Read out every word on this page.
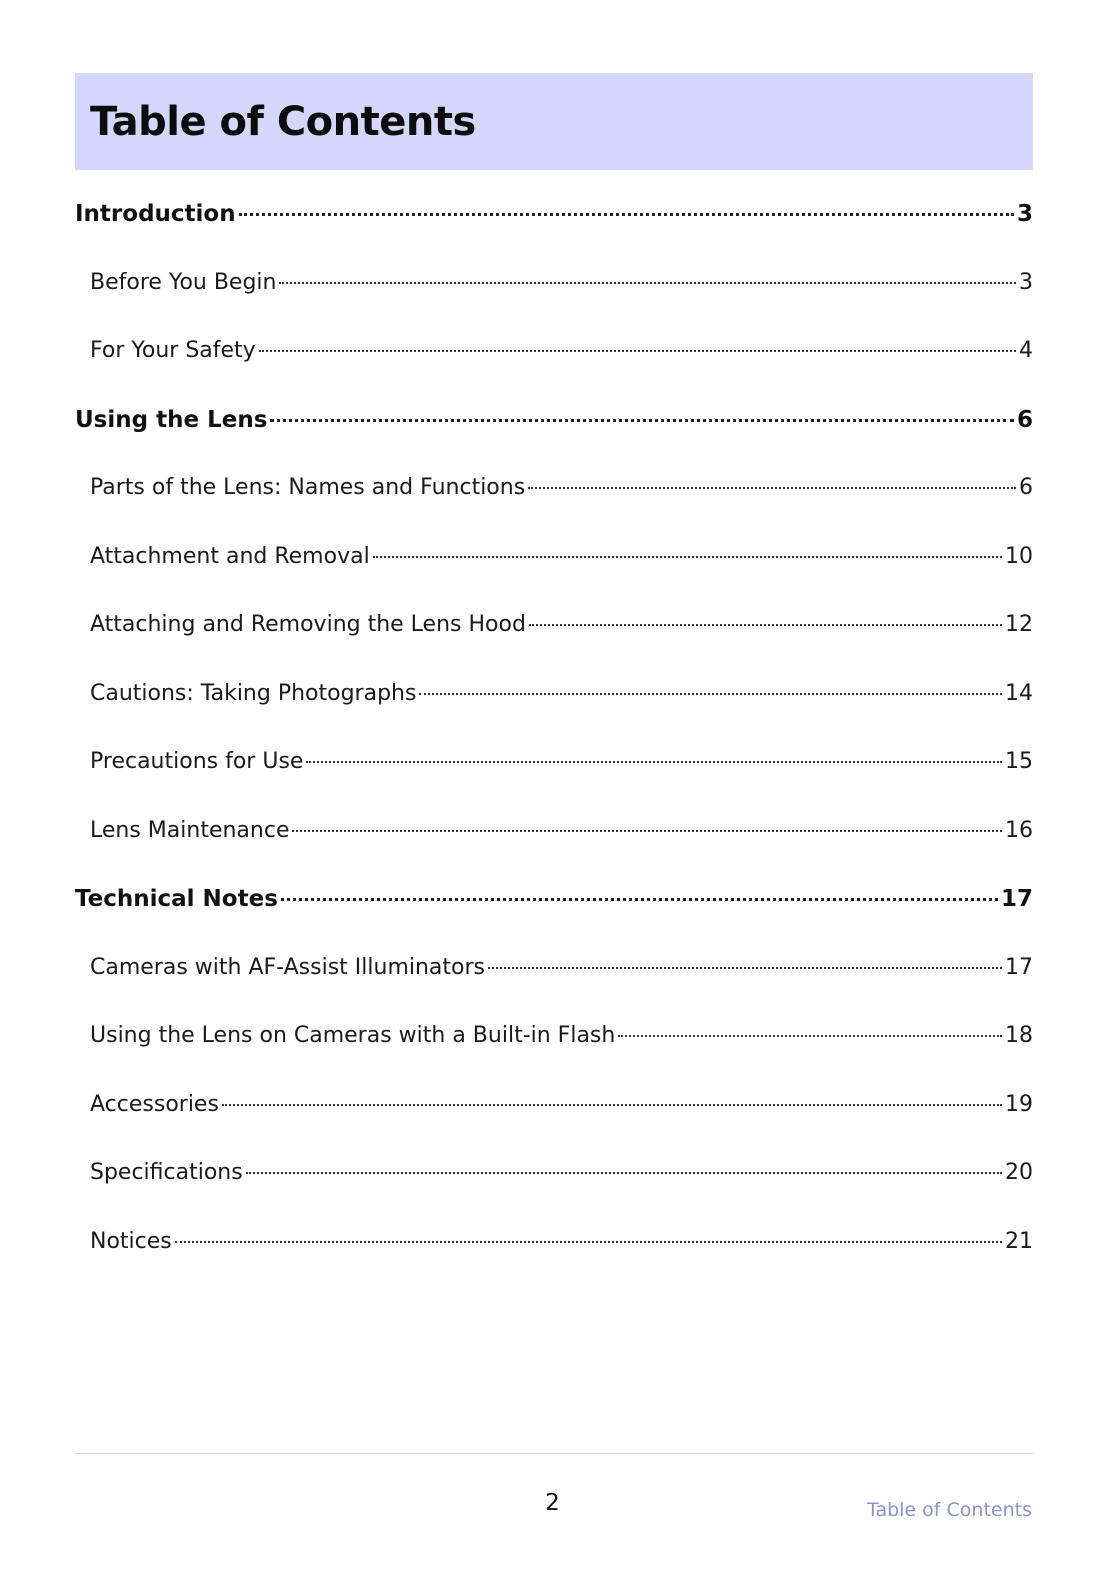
Table of Contents
Introduction	3
Before You Begin	3
For Your Safety	4
Using the Lens	6
Parts of the Lens: Names and Functions	6
Attachment and Removal	10
Attaching and Removing the Lens Hood	12
Cautions: Taking Photographs	14
Precautions for Use	15
Lens Maintenance	16
Technical Notes	17
Cameras with AF-Assist Illuminators	17
Using the Lens on Cameras with a Built-in Flash	18
Accessories	19
Specifications	20
Notices	21
2	Table of Contents
